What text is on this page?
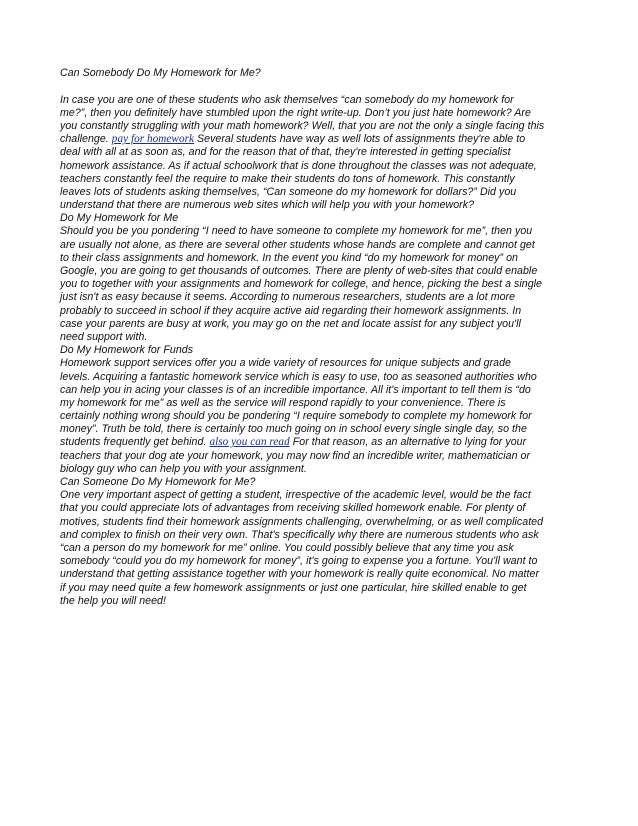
Can Somebody Do My Homework for Me?
In case you are one of these students who ask themselves “can somebody do my homework for
me?”, then you definitely have stumbled upon the right write-up. Don’t you just hate homework? Are
you constantly struggling with your math homework? Well, that you are not the only a single facing this
challenge. pay for homework Several students have way as well lots of assignments they're able to
deal with all at as soon as, and for the reason that of that, they're interested in getting specialist
homework assistance. As if actual schoolwork that is done throughout the classes was not adequate,
teachers constantly feel the require to make their students do tons of homework. This constantly
leaves lots of students asking themselves, “Can someone do my homework for dollars?” Did you
understand that there are numerous web sites which will help you with your homework?
Do My Homework for Me
Should you be you pondering “I need to have someone to complete my homework for me”, then you
are usually not alone, as there are several other students whose hands are complete and cannot get
to their class assignments and homework. In the event you kind “do my homework for money” on
Google, you are going to get thousands of outcomes. There are plenty of web-sites that could enable
you to together with your assignments and homework for college, and hence, picking the best a single
just isn't as easy because it seems. According to numerous researchers, students are a lot more
probably to succeed in school if they acquire active aid regarding their homework assignments. In
case your parents are busy at work, you may go on the net and locate assist for any subject you'll
need support with.
Do My Homework for Funds
Homework support services offer you a wide variety of resources for unique subjects and grade
levels. Acquiring a fantastic homework service which is easy to use, too as seasoned authorities who
can help you in acing your classes is of an incredible importance. All it's important to tell them is “do
my homework for me” as well as the service will respond rapidly to your convenience. There is
certainly nothing wrong should you be pondering “I require somebody to complete my homework for
money”. Truth be told, there is certainly too much going on in school every single single day, so the
students frequently get behind. also you can read For that reason, as an alternative to lying for your
teachers that your dog ate your homework, you may now find an incredible writer, mathematician or
biology guy who can help you with your assignment.
Can Someone Do My Homework for Me?
One very important aspect of getting a student, irrespective of the academic level, would be the fact
that you could appreciate lots of advantages from receiving skilled homework enable. For plenty of
motives, students find their homework assignments challenging, overwhelming, or as well complicated
and complex to finish on their very own. That's specifically why there are numerous students who ask
“can a person do my homework for me” online. You could possibly believe that any time you ask
somebody “could you do my homework for money”, it's going to expense you a fortune. You'll want to
understand that getting assistance together with your homework is really quite economical. No matter
if you may need quite a few homework assignments or just one particular, hire skilled enable to get
the help you will need!
